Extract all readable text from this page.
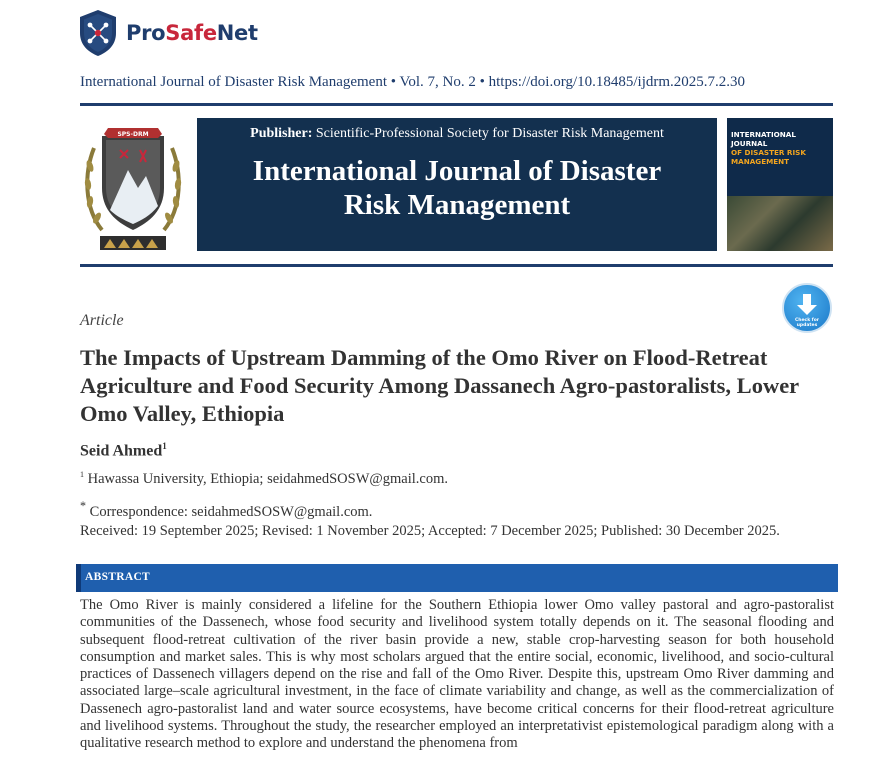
ProSafeNet
International Journal of Disaster Risk Management • Vol. 7, No. 2 • https://doi.org/10.18485/ijdrm.2025.7.2.30
SPS-DRM	Publisher: Scientific-Professional Society for Disaster Risk Management
International Journal of Disaster
Risk Management
INTERNATIONAL JOURNAL
OF DISASTER RISK
MANAGEMENT
Check for updates
Article
The Impacts of Upstream Damming of the Omo River on Flood-Retreat Agriculture and Food Security Among Dassanech Agro-pastoralists, Lower Omo Valley, Ethiopia
Seid Ahmed$^1$
$^1$ Hawassa University, Ethiopia; seidahmedSOSW@gmail.com.
* Correspondence: seidahmedSOSW@gmail.com.
Received: 19 September 2025; Revised: 1 November 2025; Accepted: 7 December 2025; Published: 30 December 2025.
ABSTRACT
The Omo River is mainly considered a lifeline for the Southern Ethiopia lower Omo valley pastoral and agro-pastoralist communities of the Dassenech, whose food security and livelihood system totally depends on it. The seasonal flooding and subsequent flood-retreat cultivation of the river basin provide a new, stable crop-harvesting season for both household consumption and market sales. This is why most scholars argued that the entire social, economic, livelihood, and socio-cultural practices of Dassenech villagers depend on the rise and fall of the Omo River. Despite this, upstream Omo River damming and associated large–scale agricultural investment, in the face of climate variability and change, as well as the commercialization of Dassenech agro-pastoralist land and water source ecosystems, have become critical concerns for their flood-retreat agriculture and livelihood systems. Throughout the study, the researcher employed an interpretativist epistemological paradigm along with a qualitative research method to explore and understand the phenomena from
